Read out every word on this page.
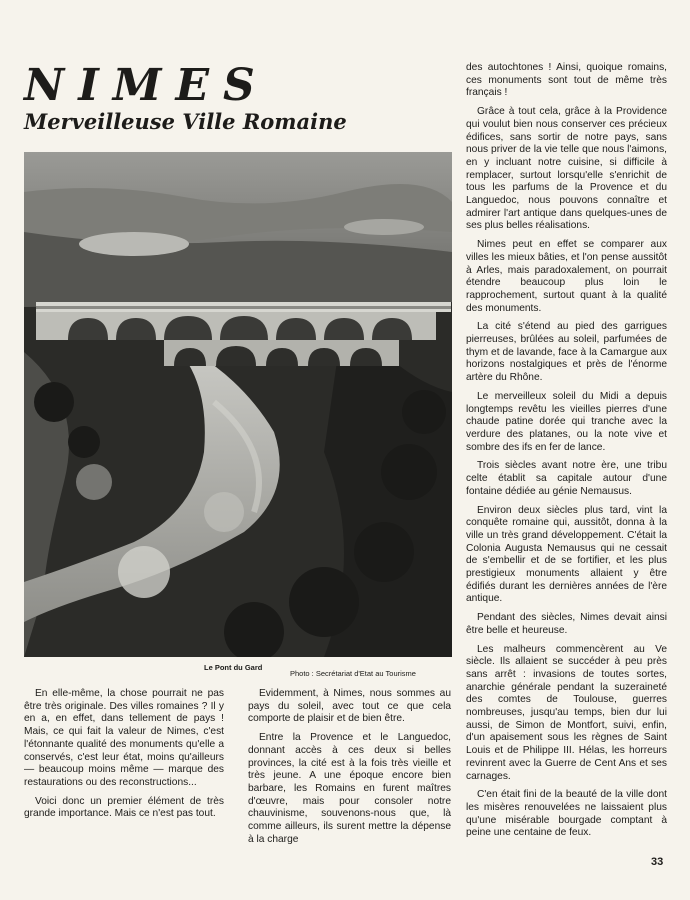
NIMES
Merveilleuse Ville Romaine
Le Pont du Gard
Photo : Secrétariat d'Etat au Tourisme

En elle-même, la chose pourrait ne pas être très originale. Des villes romaines ? Il y en a, en effet, dans tellement de pays ! Mais, ce qui fait la valeur de Nimes, c'est l'étonnante qualité des monuments qu'elle a conservés, c'est leur état, moins qu'ailleurs — beaucoup moins même — marque des restaurations ou des reconstructions...

Voici donc un premier élément de très grande importance. Mais ce n'est pas tout.

Evidemment, à Nimes, nous sommes au pays du soleil, avec tout ce que cela comporte de plaisir et de bien être.

Entre la Provence et le Languedoc, donnant accès à ces deux si belles provinces, la cité est à la fois très vieille et très jeune. A une époque encore bien barbare, les Romains en furent maîtres d'œuvre, mais pour consoler notre chauvinisme, souvenons-nous que, là comme ailleurs, ils surent mettre la dépense à la charge

des autochtones ! Ainsi, quoique romains, ces monuments sont tout de même très français !

Grâce à tout cela, grâce à la Providence qui voulut bien nous conserver ces précieux édifices, sans sortir de notre pays, sans nous priver de la vie telle que nous l'aimons, en y incluant notre cuisine, si difficile à remplacer, surtout lorsqu'elle s'enrichit de tous les parfums de la Provence et du Languedoc, nous pouvons connaître et admirer l'art antique dans quelques-unes de ses plus belles réalisations.

Nimes peut en effet se comparer aux villes les mieux bâties, et l'on pense aussitôt à Arles, mais paradoxalement, on pourrait étendre beaucoup plus loin le rapprochement, surtout quant à la qualité des monuments.

La cité s'étend au pied des garrigues pierreuses, brûlées au soleil, parfumées de thym et de lavande, face à la Camargue aux horizons nostalgiques et près de l'énorme artère du Rhône.

Le merveilleux soleil du Midi a depuis longtemps revêtu les vieilles pierres d'une chaude patine dorée qui tranche avec la verdure des platanes, ou la note vive et sombre des ifs en fer de lance.

Trois siècles avant notre ère, une tribu celte établit sa capitale autour d'une fontaine dédiée au génie Nemausus.

Environ deux siècles plus tard, vint la conquête romaine qui, aussitôt, donna à la ville un très grand développement. C'était la Colonia Augusta Nemausus qui ne cessait de s'embellir et de se fortifier, et les plus prestigieux monuments allaient y être édifiés durant les dernières années de l'ère antique.

Pendant des siècles, Nimes devait ainsi être belle et heureuse.

Les malheurs commencèrent au Ve siècle. Ils allaient se succéder à peu près sans arrêt : invasions de toutes sortes, anarchie générale pendant la suzeraineté des comtes de Toulouse, guerres nombreuses, jusqu'au temps, bien dur lui aussi, de Simon de Montfort, suivi, enfin, d'un apaisement sous les règnes de Saint Louis et de Philippe III. Hélas, les horreurs revinrent avec la Guerre de Cent Ans et ses carnages.

C'en était fini de la beauté de la ville dont les misères renouvelées ne laissaient plus qu'une misérable bourgade comptant à peine une centaine de feux.

33
